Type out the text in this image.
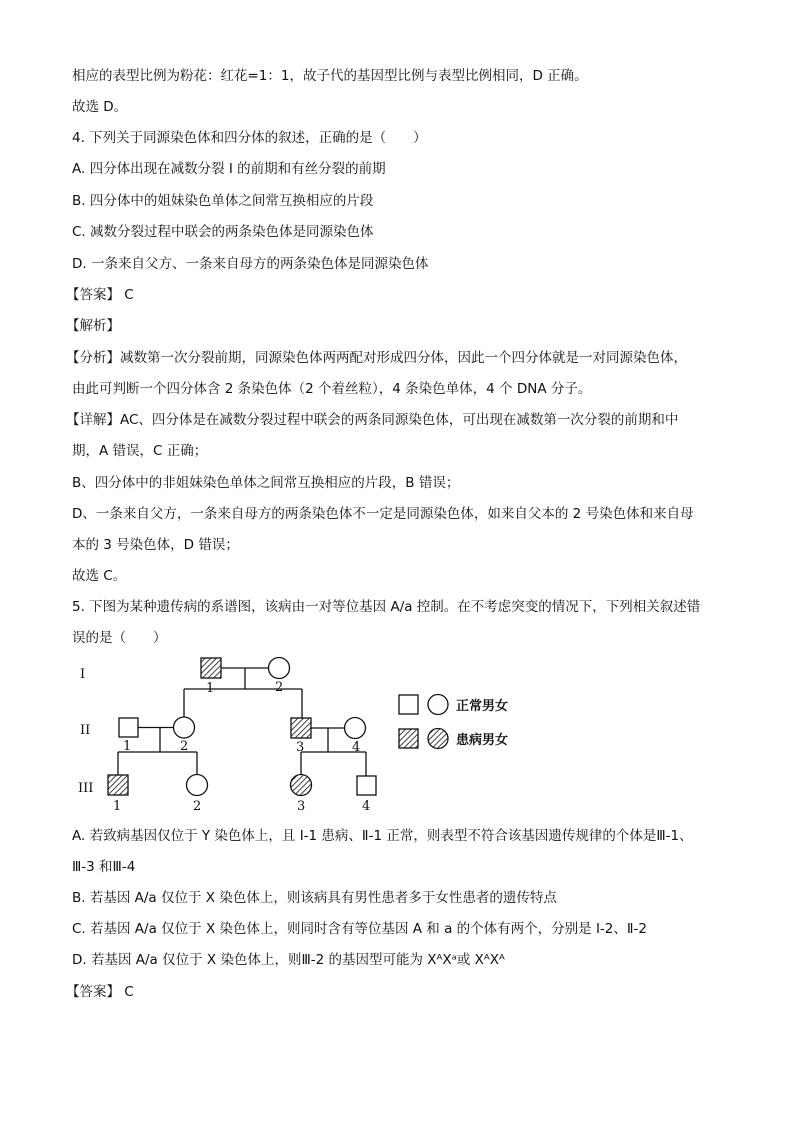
相应的表型比例为粉花：红花=1：1，故子代的基因型比例与表型比例相同，D 正确。
故选 D。
4. 下列关于同源染色体和四分体的叙述，正确的是（　　）
A. 四分体出现在减数分裂 I 的前期和有丝分裂的前期
B. 四分体中的姐妹染色单体之间常互换相应的片段
C. 减数分裂过程中联会的两条染色体是同源染色体
D. 一条来自父方、一条来自母方的两条染色体是同源染色体
【 答案 】 C
【 解析 】
【 分析 】 减数第一次分裂前期，同源染色体两两配对形成四分体，因此一个四分体就是一对同源染色体，
由此可判断一个四分体含 2 条染色体（2 个着丝粒），4 条染色单体，4 个 DNA 分子。
【 详解 】 AC、四分体是在减数分裂过程中联会的两条同源染色体，可出现在减数第一次分裂的前期和中
期，A 错误，C 正确；
B、四分体中的非姐妹染色单体之间常互换相应的片段，B 错误；
D、一条来自父方，一条来自母方的两条染色体不一定是同源染色体，如来自父本的 2 号染色体和来自母
本的 3 号染色体，D 错误；
故选 C。
5. 下图为某种遗传病的系谱图，该病由一对等位基因 A/a 控制。在不考虑突变的情况下，下列相关叙述错
误的是（　　）
I
II
III
1	2
1	2	3	4
1	2	3	4
正常男女
患病男女
A. 若致病基因仅位于 Y 染色体上，且 I-1 患病、Ⅱ-1 正常，则表型不符合该基因遗传规律的个体是Ⅲ-1、
Ⅲ-3 和Ⅲ-4
B. 若基因 A/a 仅位于 X 染色体上，则该病具有男性患者多于女性患者的遗传特点
C. 若基因 A/a 仅位于 X 染色体上，则同时含有等位基因 A 和 a 的个体有两个，分别是 I-2、Ⅱ-2
D. 若基因 A/a 仅位于 X 染色体上，则Ⅲ-2 的基因型可能为 XᴬXᵃ或 XᴬXᴬ
【 答案 】 C
